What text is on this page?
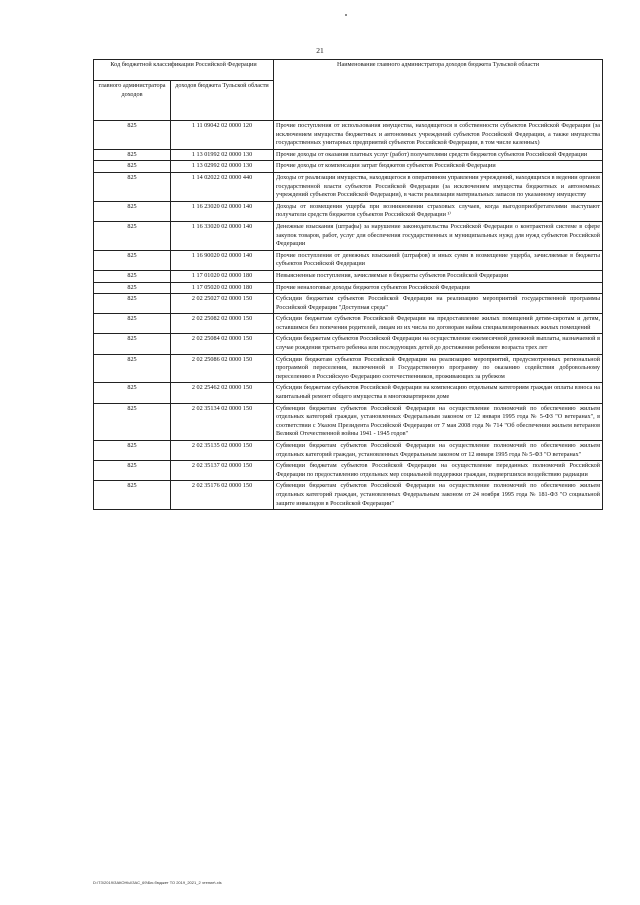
21
Код бюджетной классификации Российской Федерации		Наименование главного администратора доходов бюджета Тульской области
главного администратора доходов	доходов бюджета Тульской области	
825	1 11 09042 02 0000 120	Прочие поступления от использования имущества, находящегося в собственности субъектов Российской Федерации (за исключением имущества бюджетных и автономных учреждений субъектов Российской Федерации, а также имущества государственных унитарных предприятий субъектов Российской Федерации, в том числе казенных)
825	1 13 01992 02 0000 130	Прочие доходы от оказания платных услуг (работ) получателями средств бюджетов субъектов Российской Федерации
825	1 13 02992 02 0000 130	Прочие доходы от компенсации затрат бюджетов субъектов Российской Федерации
825	1 14 02022 02 0000 440	Доходы от реализации имущества, находящегося в оперативном управлении учреждений, находящихся в ведении органов государственной власти субъектов Российской Федерации (за исключением имущества бюджетных и автономных учреждений субъектов Российской Федерации), в части реализации материальных запасов по указанному имуществу
825	1 16 23020 02 0000 140	Доходы от возмещения ущерба при возникновении страховых случаев, когда выгодоприобретателями выступают получатели средств бюджетов субъектов Российской Федерации ¹⁾
825	1 16 33020 02 0000 140	Денежные взыскания (штрафы) за нарушение законодательства Российской Федерации о контрактной системе в сфере закупок товаров, работ, услуг для обеспечения государственных и муниципальных нужд для нужд субъектов Российской Федерации
825	1 16 90020 02 0000 140	Прочие поступления от денежных взысканий (штрафов) и иных сумм в возмещение ущерба, зачисляемые в бюджеты субъектов Российской Федерации
825	1 17 01020 02 0000 180	Невыясненные поступления, зачисляемые в бюджеты субъектов Российской Федерации
825	1 17 05020 02 0000 180	Прочие неналоговые доходы бюджетов субъектов Российской Федерации
825	2 02 25027 02 0000 150	Субсидии бюджетам субъектов Российской Федерации на реализацию мероприятий государственной программы Российской Федерации "Доступная среда"
825	2 02 25082 02 0000 150	Субсидии бюджетам субъектов Российской Федерации на предоставление жилых помещений детям-сиротам и детям, оставшимся без попечения родителей, лицам из их числа по договорам найма специализированных жилых помещений
825	2 02 25084 02 0000 150	Субсидии бюджетам субъектов Российской Федерации на осуществление ежемесячной денежной выплаты, назначаемой в случае рождения третьего ребенка или последующих детей до достижения ребенком возраста трех лет
825	2 02 25086 02 0000 150	Субсидии бюджетам субъектов Российской Федерации на реализацию мероприятий, предусмотренных региональной программой переселения, включенной в Государственную программу по оказанию содействия добровольному переселению в Российскую Федерацию соотечественников, проживающих за рубежом
825	2 02 25462 02 0000 150	Субсидии бюджетам субъектов Российской Федерации на компенсацию отдельным категориям граждан оплаты взноса на капитальный ремонт общего имущества в многоквартирном доме
825	2 02 35134 02 0000 150	Субвенции бюджетам субъектов Российской Федерации на осуществление полномочий по обеспечению жильем отдельных категорий граждан, установленных Федеральным законом от 12 января 1995 года № 5-ФЗ "О ветеранах", в соответствии с Указом Президента Российской Федерации от 7 мая 2008 года № 714 "Об обеспечении жильем ветеранов Великой Отечественной войны 1941 - 1945 годов"
825	2 02 35135 02 0000 150	Субвенции бюджетам субъектов Российской Федерации на осуществление полномочий по обеспечению жильем отдельных категорий граждан, установленных Федеральным законом от 12 января 1995 года № 5-ФЗ "О ветеранах"
825	2 02 35137 02 0000 150	Субвенции бюджетам субъектов Российской Федерации на осуществление переданных полномочий Российской Федерации по предоставлению отдельных мер социальной поддержки граждан, подвергшихся воздействию радиации
825	2 02 35176 02 0000 150	Субвенции бюджетам субъектов Российской Федерации на осуществление полномочий по обеспечению жильем отдельных категорий граждан, установленных Федеральным законом от 24 ноября 1995 года № 181-ФЗ "О социальной защите инвалидов в Российской Федерации"
D:\ТЗ\2019\ЗАКОНЫ\ЗАС_69\Бю.бюджет ТО 2019_2021_2 чтение\.xls
